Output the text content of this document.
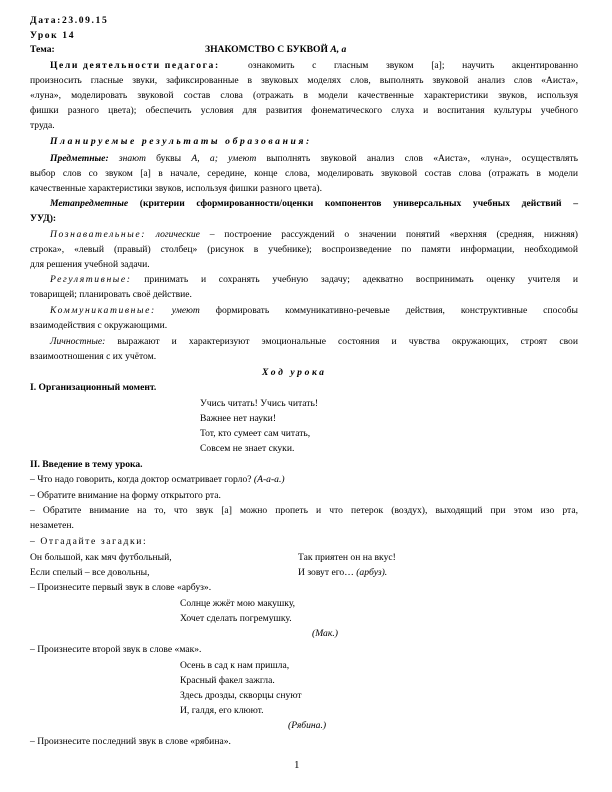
Дата:23.09.15
Урок 14
Тема:	ЗНАКОМСТВО С БУКВОЙ А, а
Цели деятельности педагога:	ознакомить с гласным звуком [а]; научить акцентированно
произносить гласные звуки, зафиксированные в звуковых моделях слов, выполнять звуковой анализ слов «Аиста»,
«луна», моделировать звуковой состав слова (отражать в модели качественные характеристики звуков, используя
фишки разного цвета); обеспечить условия для развития фонематического слуха и воспитания культуры учебного
труда.
Планируемые результаты образования:
Предметные: знают буквы А, а; умеют выполнять звуковой анализ слов «Аиста», «луна», осуществлять
выбор слов со звуком [а] в начале, середине, конце слова, моделировать звуковой состав слова (отражать в модели
качественные характеристики звуков, используя фишки разного цвета).
Метапредметные (критерии сформированности/оценки компонентов универсальных учебных действий –
УУД):
Познавательные: логические – построение рассуждений о значении понятий «верхняя (средняя, нижняя)
строка», «левый (правый) столбец» (рисунок в учебнике); воспроизведение по памяти информации, необходимой
для решения учебной задачи.
Регулятивные: принимать и сохранять учебную задачу; адекватно воспринимать оценку учителя и
товарищей; планировать своё действие.
Коммуникативные: умеют формировать коммуникативно-речевые действия, конструктивные способы
взаимодействия с окружающими.
Личностные: выражают и характеризуют эмоциональные состояния и чувства окружающих, строят свои
взаимоотношения с их учётом.
Ход урока
I. Организационный момент.
Учись читать! Учись читать!
Важнее нет науки!
Тот, кто сумеет сам читать,
Совсем не знает скуки.
II. Введение в тему урока.
– Что надо говорить, когда доктор осматривает горло? (А-а-а.)
– Обратите внимание на форму открытого рта.
– Обратите внимание на то, что звук [а] можно пропеть и что петерок (воздух), выходящий при этом изо рта,
незаметен.
– Отгадайте загадки:
Он большой, как мяч футбольный,
Если спелый – все довольны,
Так приятен он на вкус!
И зовут его… (арбуз).
– Произнесите первый звук в слове «арбуз».
Солнце жжёт мою макушку,
Хочет сделать погремушку.
(Мак.)
– Произнесите второй звук в слове «мак».
Осень в сад к нам пришла,
Красный факел зажгла.
Здесь дрозды, скворцы снуют
И, галдя, его клюют.
(Рябина.)
– Произнесите последний звук в слове «рябина».
1
